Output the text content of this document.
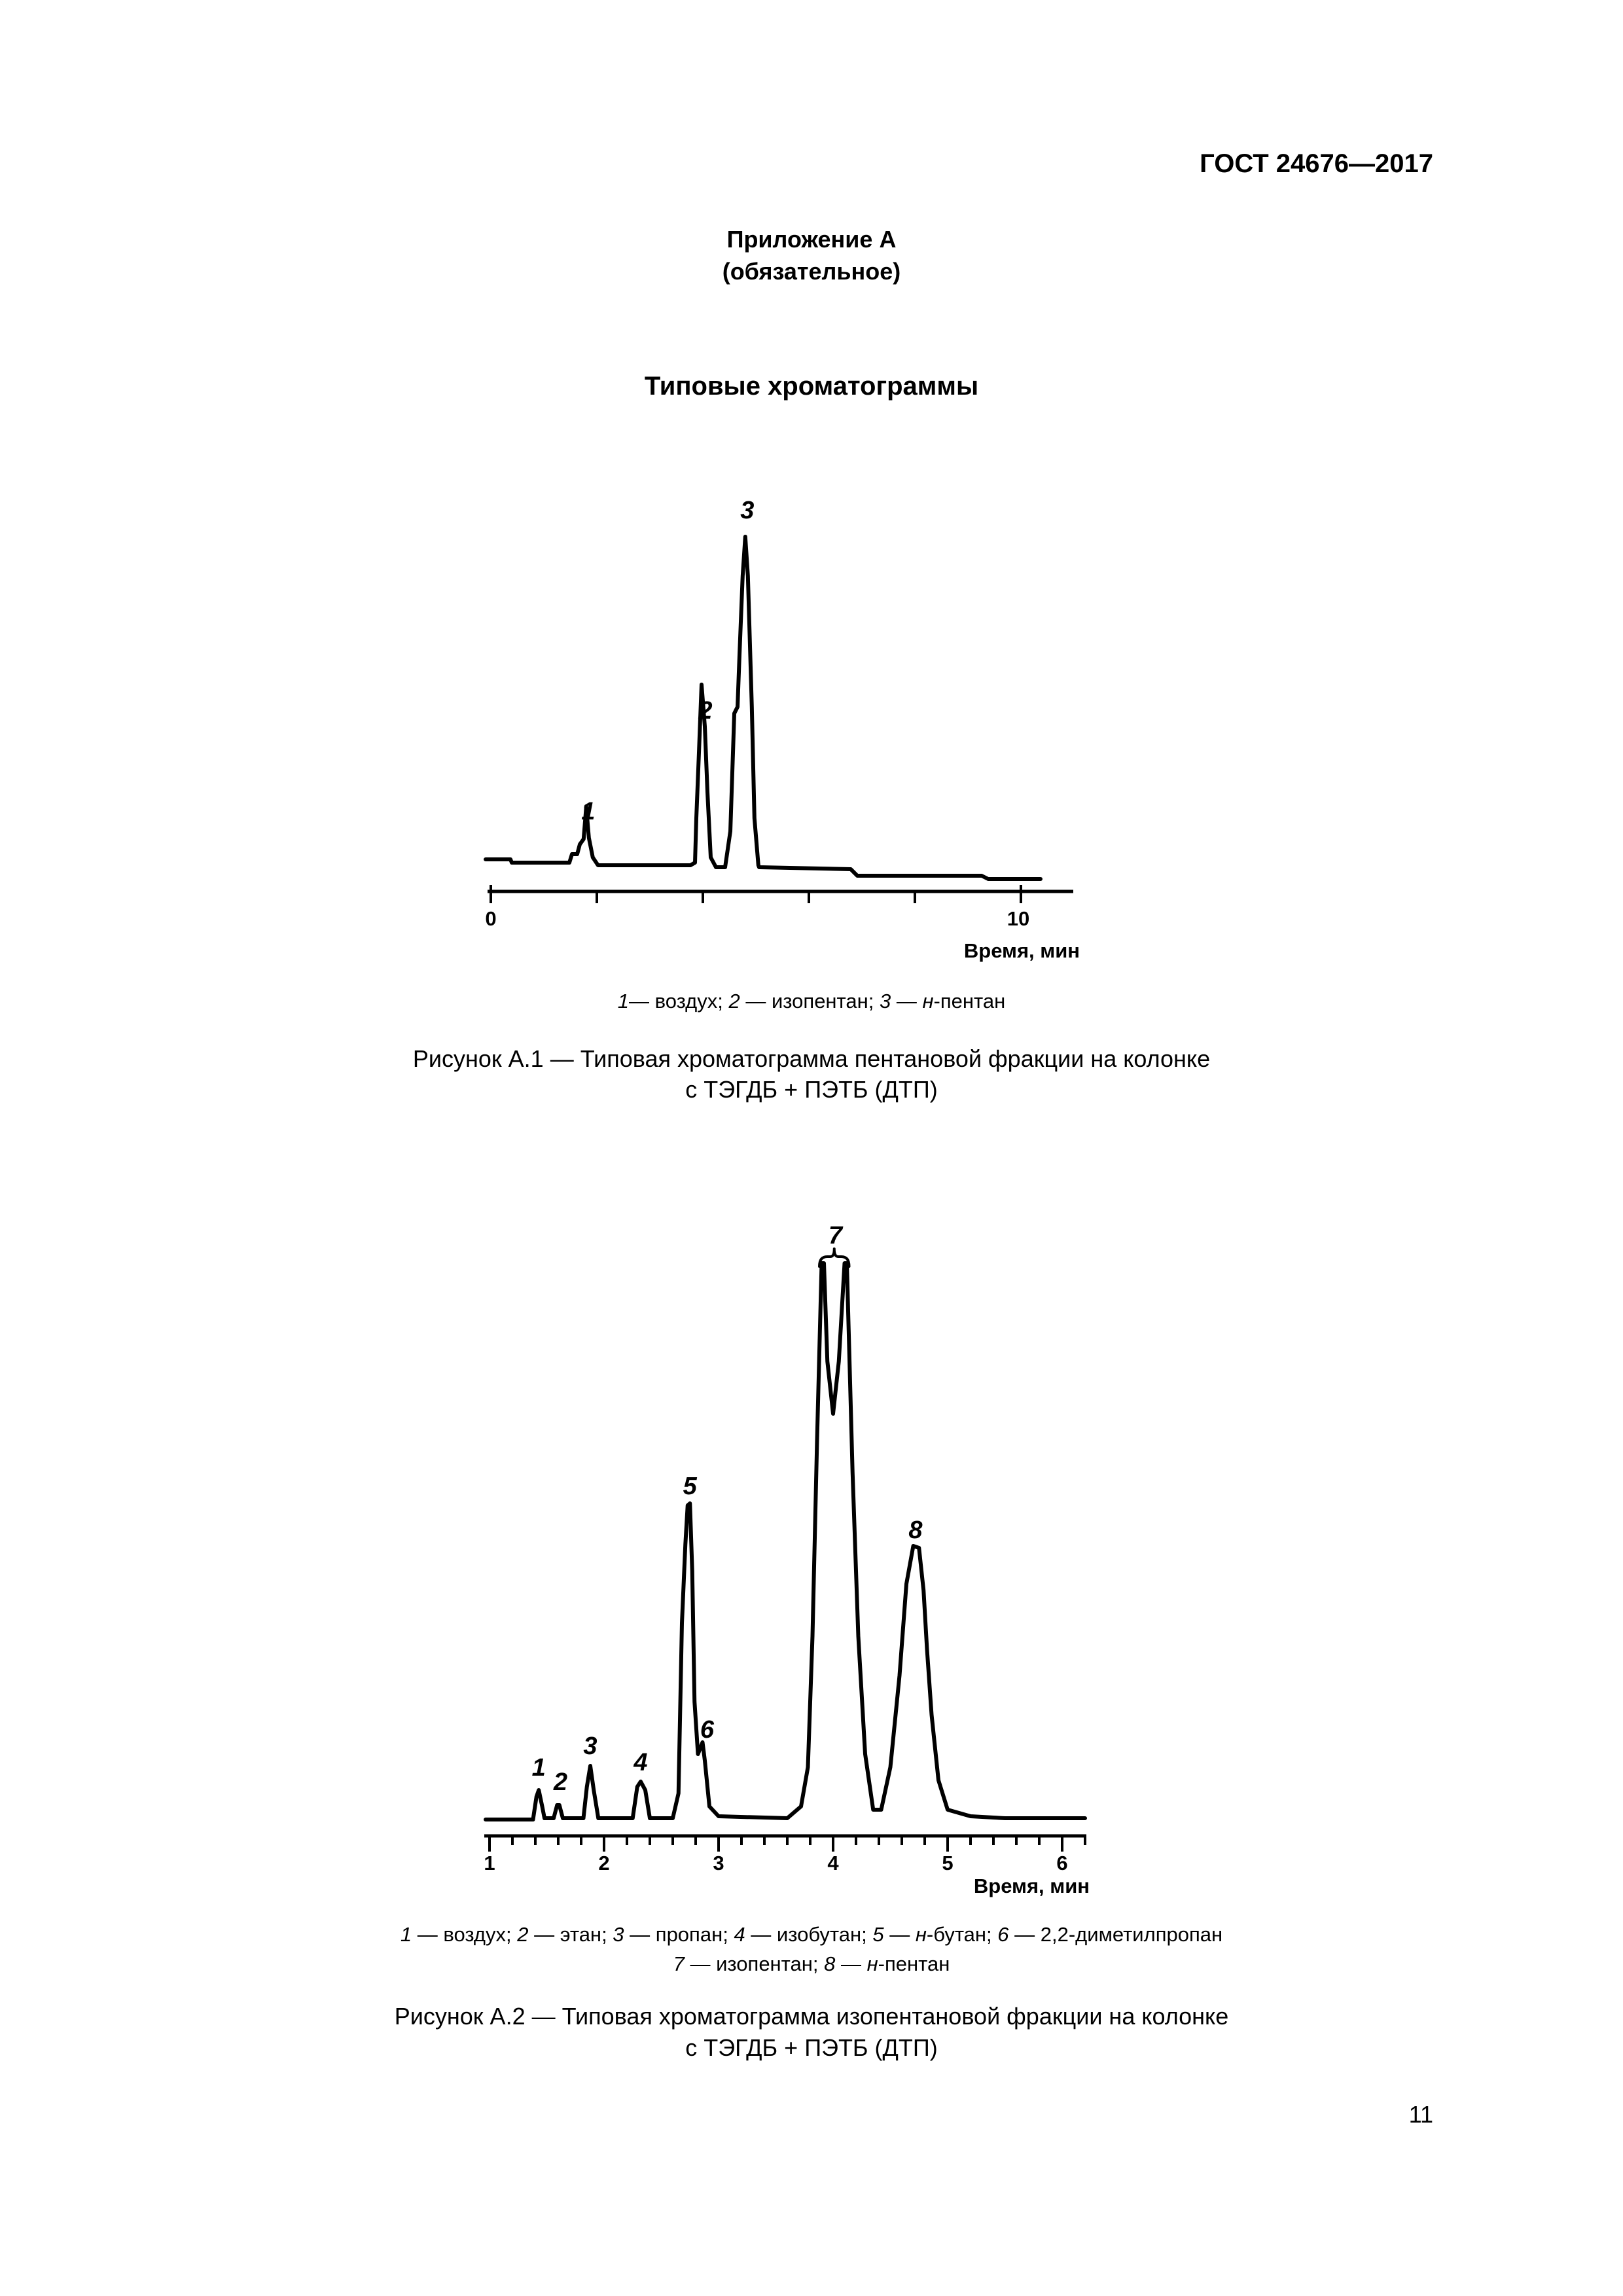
ГОСТ 24676—2017
Приложение А
(обязательное)
Типовые хроматограммы
0	10
1
2
3
Время, мин
1— воздух; 2 — изопентан; 3 — н-пентан
Рисунок А.1 — Типовая хроматограмма пентановой фракции на колонке
с ТЭГДБ + ПЭТБ (ДТП)
1	2	3	4	5	6
1
2
3
4
5
6
7
8
Время, мин
1 — воздух; 2 — этан; 3 — пропан; 4 — изобутан; 5 — н-бутан; 6 — 2,2-диметилпропан
7 — изопентан; 8 — н-пентан
Рисунок А.2 — Типовая хроматограмма изопентановой фракции на колонке
с ТЭГДБ + ПЭТБ (ДТП)
11
